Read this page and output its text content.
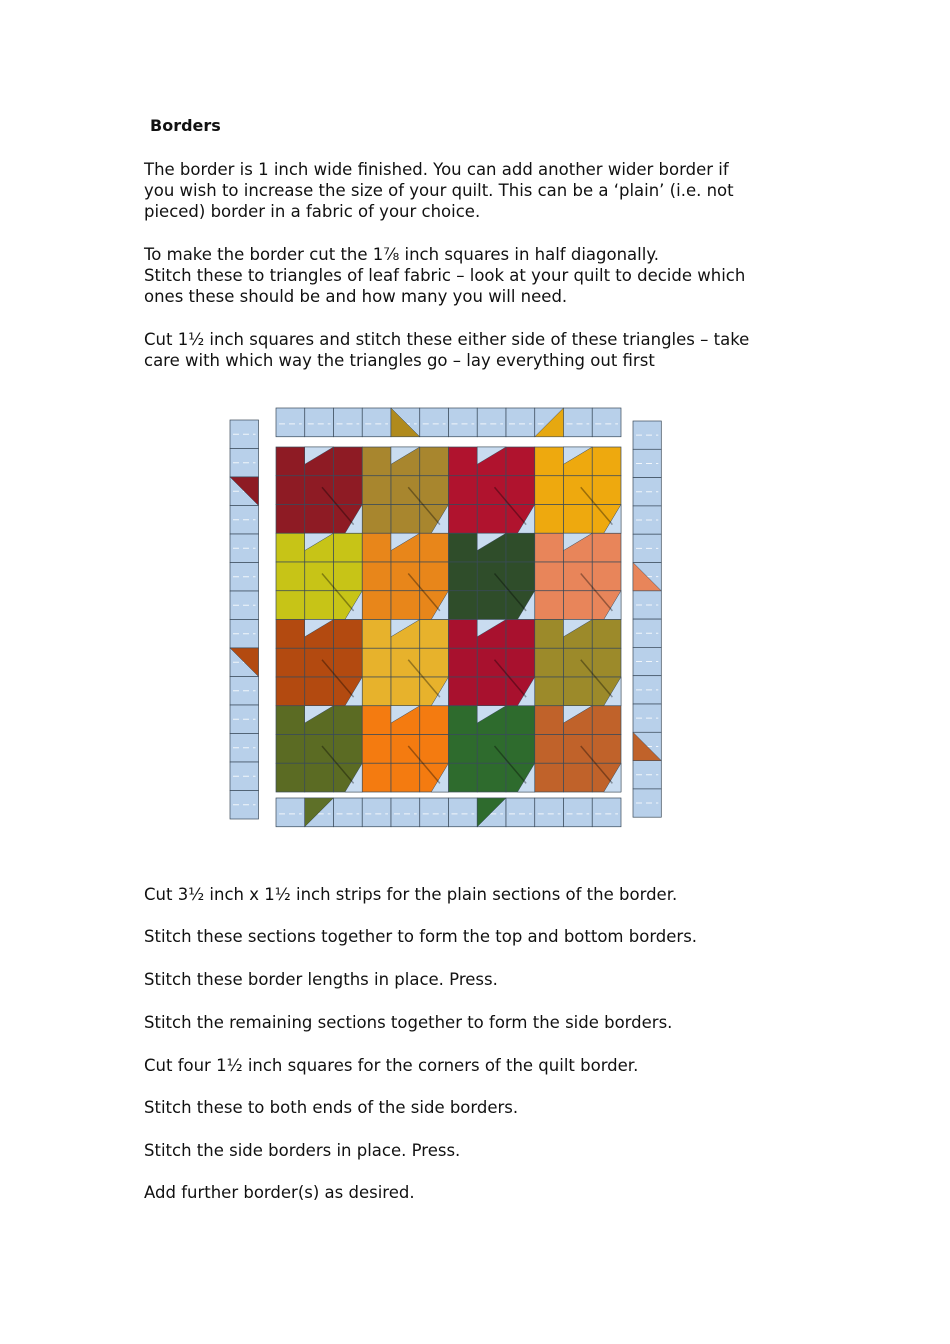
Borders

The border is 1 inch wide finished. You can add another wider border if
you wish to increase the size of your quilt. This can be a ‘plain’ (i.e. not
pieced) border in a fabric of your choice.

To make the border cut the 1⅞ inch squares in half diagonally.
Stitch these to triangles of leaf fabric – look at your quilt to decide which
ones these should be and how many you will need.

Cut 1½ inch squares and stitch these either side of these triangles – take
care with which way the triangles go – lay everything out first

Cut 3½ inch x 1½ inch strips for the plain sections of the border.

Stitch these sections together to form the top and bottom borders.

Stitch these border lengths in place. Press.

Stitch the remaining sections together to form the side borders.

Cut four 1½ inch squares for the corners of the quilt border.

Stitch these to both ends of the side borders.

Stitch the side borders in place. Press.

Add further border(s) as desired.
